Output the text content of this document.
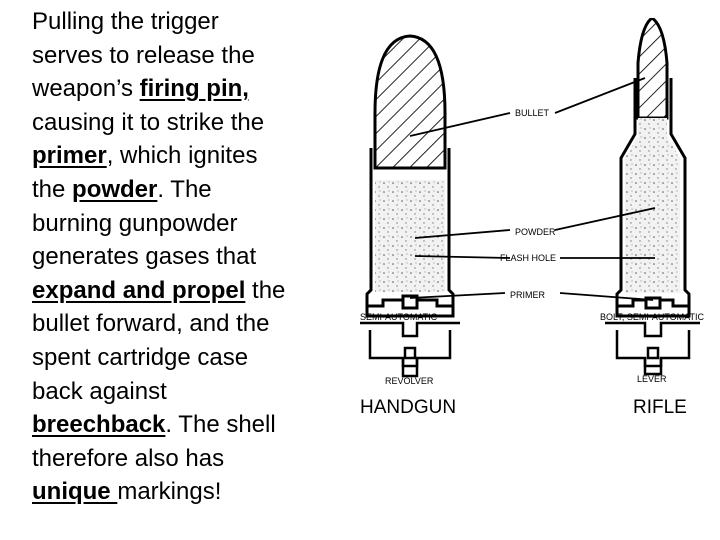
Pulling the trigger
serves to release the
weapon’s firing pin,
causing it to strike the
primer, which ignites
the powder. The
burning gunpowder
generates gases that
expand and propel the
bullet forward, and the
spent cartridge case
back against
breechback. The shell
therefore also has
unique markings!
BULLET
POWDER
FLASH HOLE
PRIMER
SEMI-AUTOMATIC	BOLT, SEMI-AUTOMATIC
REVOLVER	LEVER
HANDGUN	RIFLE
